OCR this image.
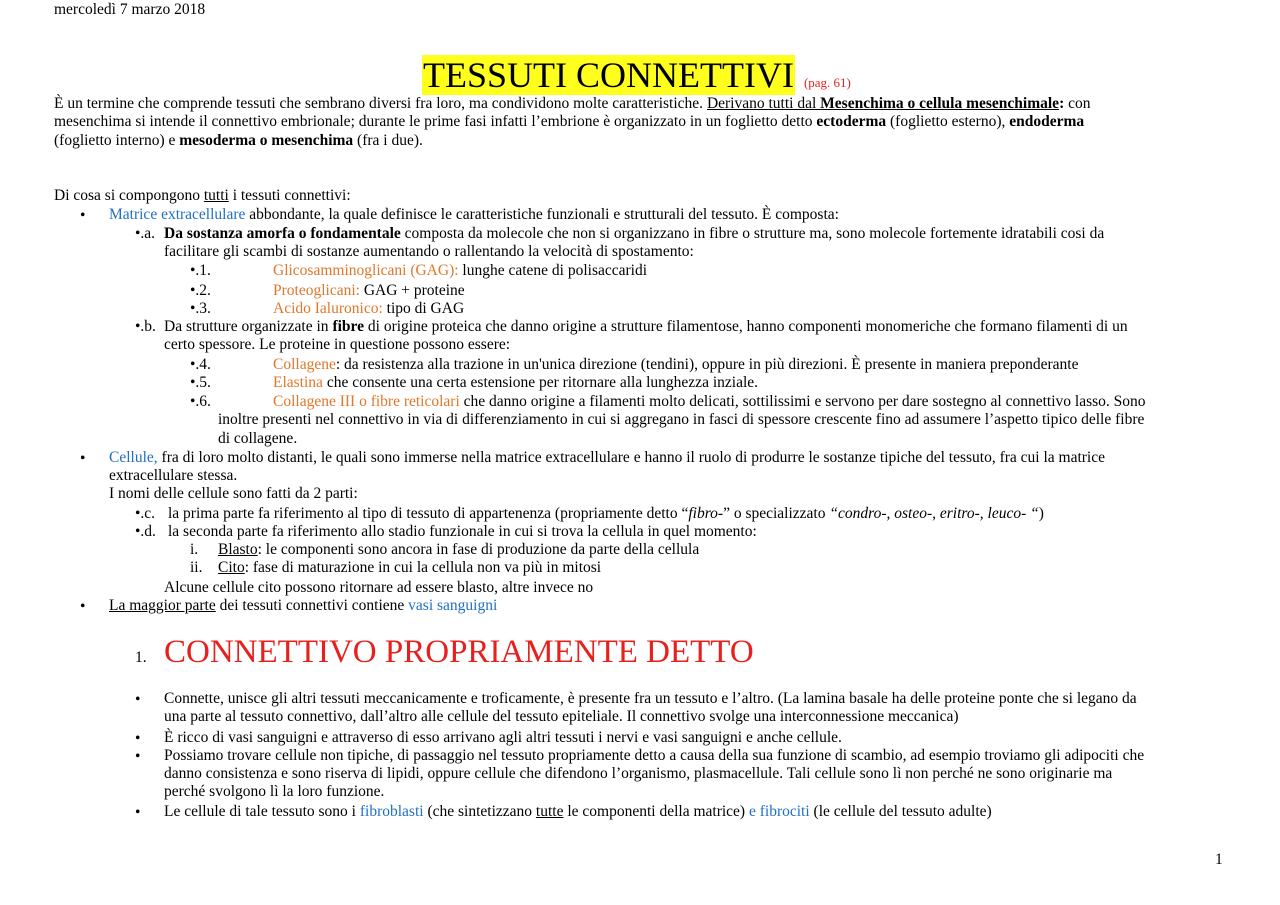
mercoledì 7 marzo 2018
TESSUTI CONNETTIVI (pag. 61)
È un termine che comprende tessuti che sembrano diversi fra loro, ma condividono molte caratteristiche. Derivano tutti dal Mesenchima o cellula mesenchimale: con
mesenchima si intende il connettivo embrionale; durante le prime fasi infatti l’embrione è organizzato in un foglietto detto ectoderma (foglietto esterno), endoderma
(foglietto interno) e mesoderma o mesenchima (fra i due).
Di cosa si compongono tutti i tessuti connettivi:
• Matrice extracellulare abbondante, la quale definisce le caratteristiche funzionali e strutturali del tessuto. È composta:
•.a. Da sostanza amorfa o fondamentale composta da molecole che non si organizzano in fibre o strutture ma, sono molecole fortemente idratabili cosi da
facilitare gli scambi di sostanze aumentando o rallentando la velocità di spostamento:
•.1.	Glicosamminoglicani (GAG): lunghe catene di polisaccaridi
•.2.	Proteoglicani: GAG + proteine
•.3.	Acido Ialuronico: tipo di GAG
•.b. Da strutture organizzate in fibre di origine proteica che danno origine a strutture filamentose, hanno componenti monomeriche che formano filamenti di un
certo spessore. Le proteine in questione possono essere:
•.4.	Collagene: da resistenza alla trazione in un'unica direzione (tendini), oppure in più direzioni. È presente in maniera preponderante
•.5.	Elastina che consente una certa estensione per ritornare alla lunghezza inziale.
•.6.	Collagene III o fibre reticolari che danno origine a filamenti molto delicati, sottilissimi e servono per dare sostegno al connettivo lasso. Sono
inoltre presenti nel connettivo in via di differenziamento in cui si aggregano in fasci di spessore crescente fino ad assumere l’aspetto tipico delle fibre
di collagene.
• Cellule, fra di loro molto distanti, le quali sono immerse nella matrice extracellulare e hanno il ruolo di produrre le sostanze tipiche del tessuto, fra cui la matrice
extracellulare stessa.
I nomi delle cellule sono fatti da 2 parti:
•.c. la prima parte fa riferimento al tipo di tessuto di appartenenza (propriamente detto “fibro-” o specializzato “condro-, osteo-, eritro-, leuco- “)
•.d. la seconda parte fa riferimento allo stadio funzionale in cui si trova la cellula in quel momento:
i. Blasto: le componenti sono ancora in fase di produzione da parte della cellula
ii. Cito: fase di maturazione in cui la cellula non va più in mitosi
Alcune cellule cito possono ritornare ad essere blasto, altre invece no
• La maggior parte dei tessuti connettivi contiene vasi sanguigni
1. CONNETTIVO PROPRIAMENTE DETTO
• Connette, unisce gli altri tessuti meccanicamente e troficamente, è presente fra un tessuto e l’altro. (La lamina basale ha delle proteine ponte che si legano da
una parte al tessuto connettivo, dall’altro alle cellule del tessuto epiteliale. Il connettivo svolge una interconnessione meccanica)
• È ricco di vasi sanguigni e attraverso di esso arrivano agli altri tessuti i nervi e vasi sanguigni e anche cellule.
• Possiamo trovare cellule non tipiche, di passaggio nel tessuto propriamente detto a causa della sua funzione di scambio, ad esempio troviamo gli adipociti che
danno consistenza e sono riserva di lipidi, oppure cellule che difendono l’organismo, plasmacellule. Tali cellule sono lì non perché ne sono originarie ma
perché svolgono lì la loro funzione.
• Le cellule di tale tessuto sono i fibroblasti (che sintetizzano tutte le componenti della matrice) e fibrociti (le cellule del tessuto adulte)
1
